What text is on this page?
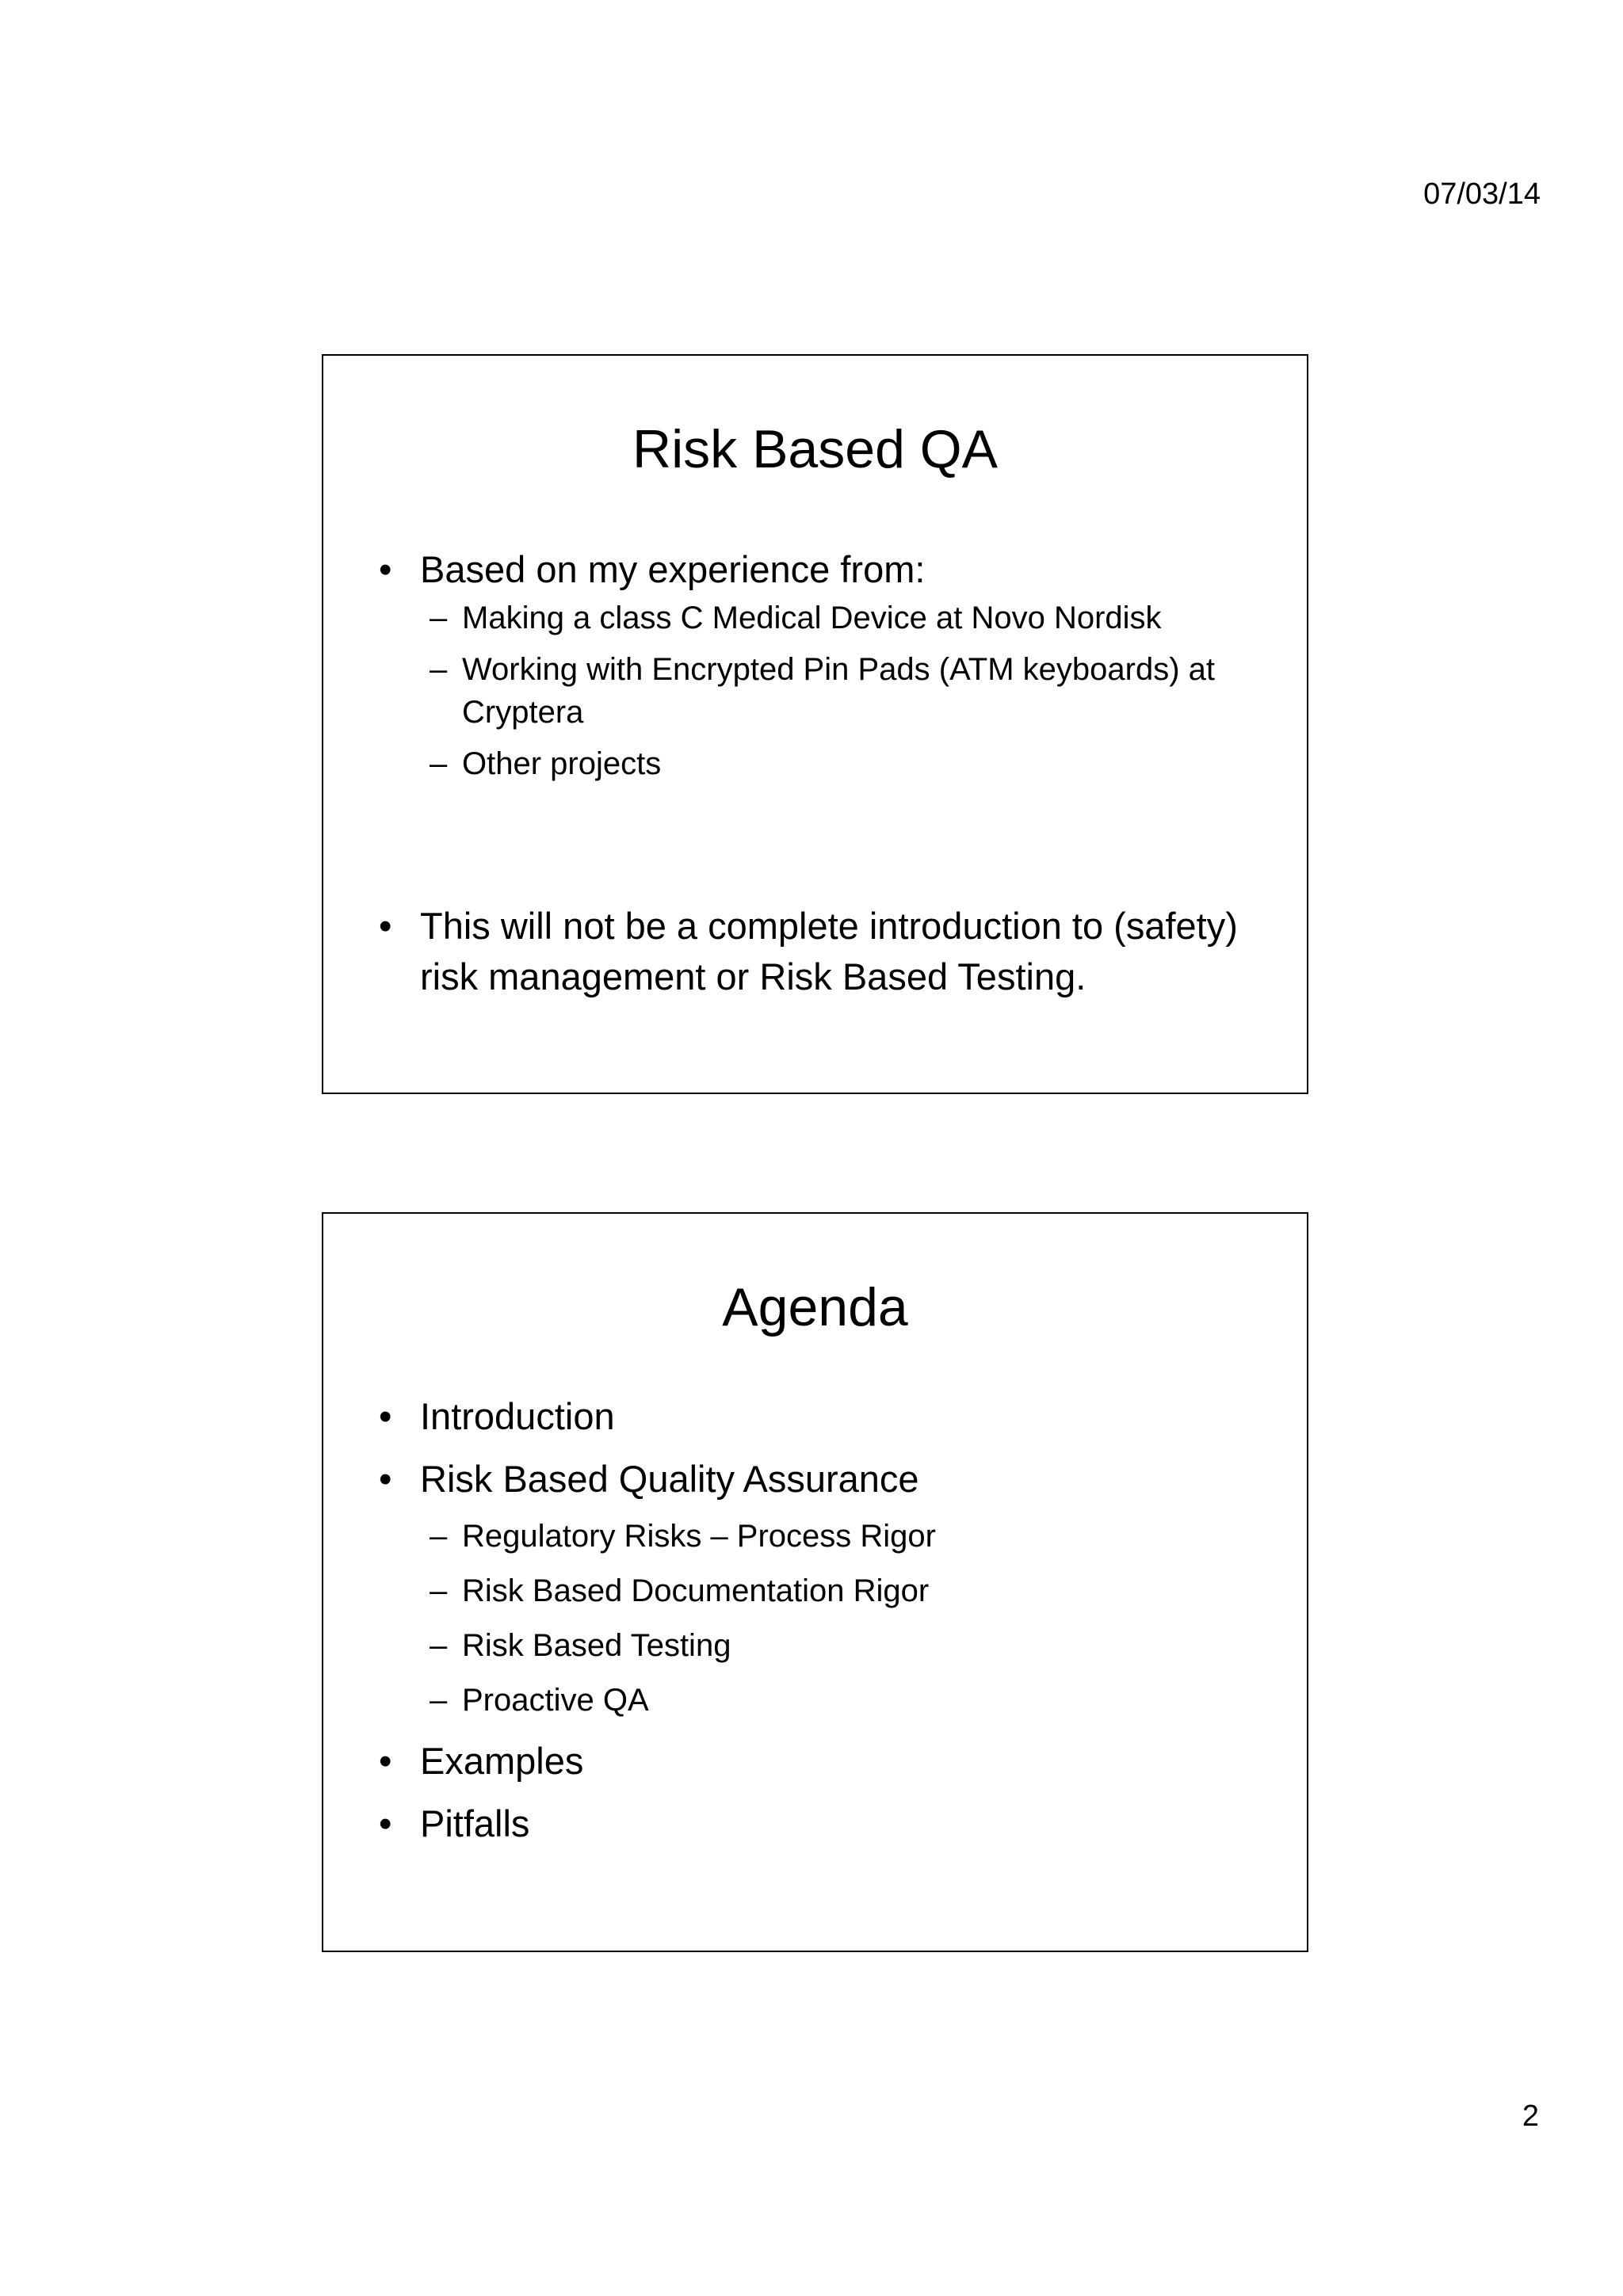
07/03/14
Risk Based QA
• Based on my experience from:
– Making a class C Medical Device at Novo Nordisk
– Working with Encrypted Pin Pads (ATM keyboards) at Cryptera
– Other projects
• This will not be a complete introduction to (safety) risk management or Risk Based Testing.
Agenda
• Introduction
• Risk Based Quality Assurance
– Regulatory Risks – Process Rigor
– Risk Based Documentation Rigor
– Risk Based Testing
– Proactive QA
• Examples
• Pitfalls
2
